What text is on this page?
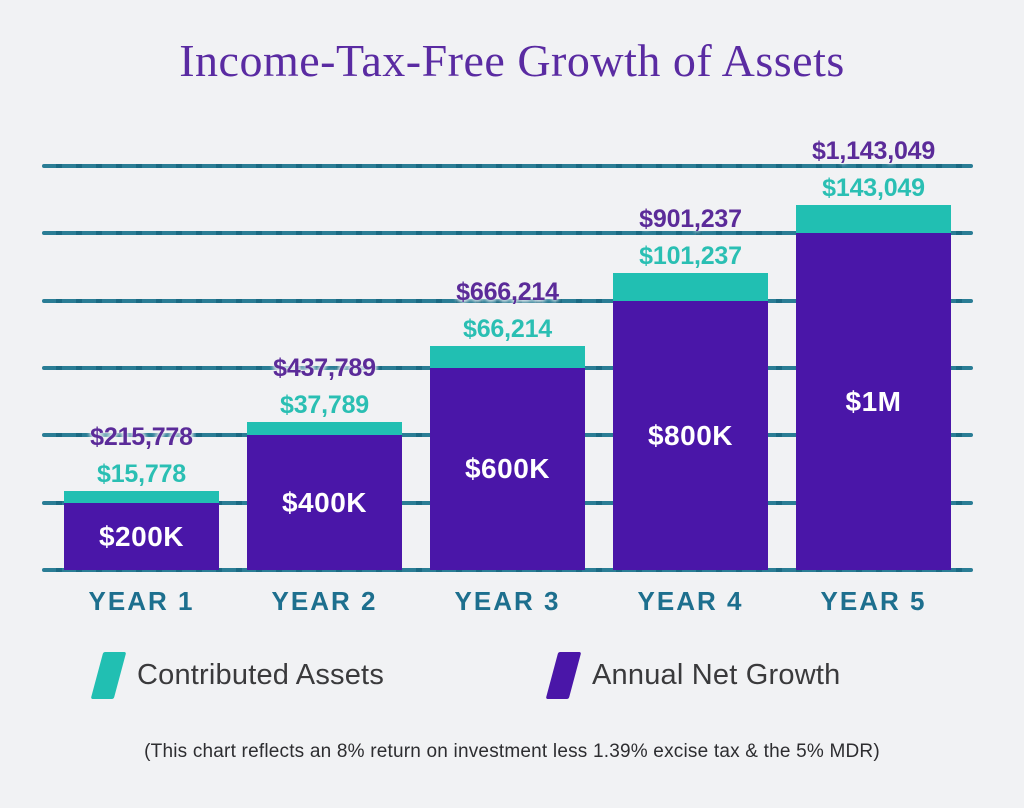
Income-Tax-Free Growth of Assets
$215,778
$15,778
$200K
$437,789
$37,789
$400K
$666,214
$66,214
$600K
$901,237
$101,237
$800K
$1,143,049
$143,049
$1M
YEAR 1	YEAR 2	YEAR 3	YEAR 4	YEAR 5
Contributed Assets	Annual Net Growth
(This chart reflects an 8% return on investment less 1.39% excise tax & the 5% MDR)
